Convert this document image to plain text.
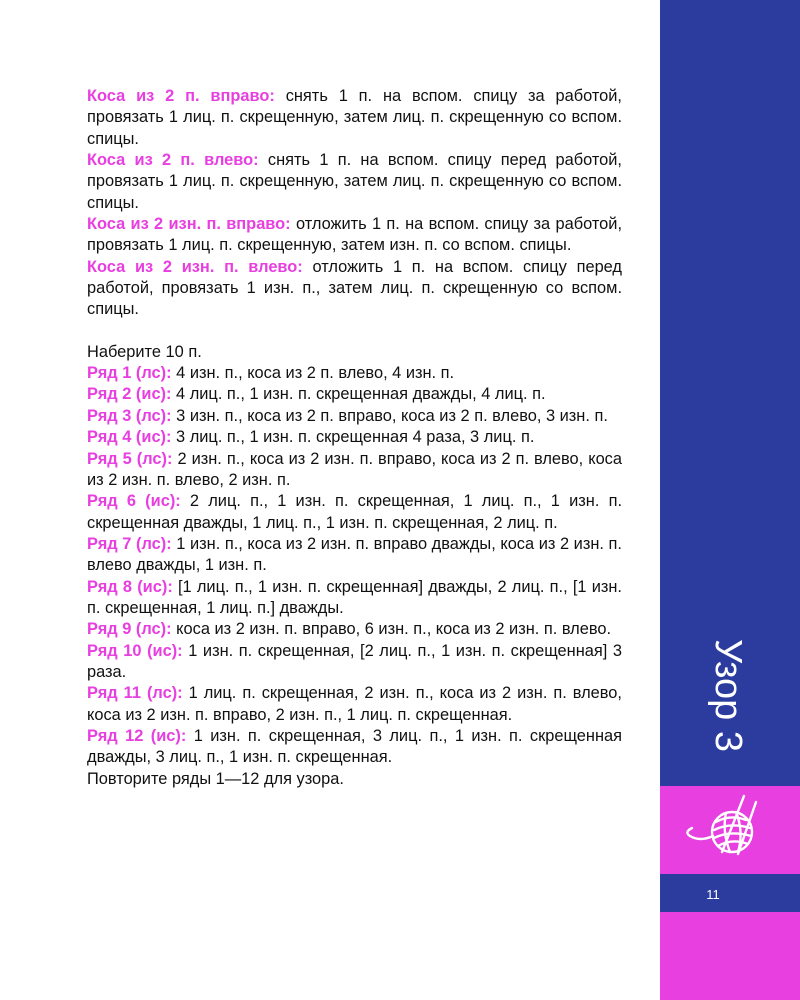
Коса из 2 п. вправо: снять 1 п. на вспом. спицу за работой, провязать 1 лиц. п. скрещенную, затем лиц. п. скрещенную со вспом. спицы.

Коса из 2 п. влево: снять 1 п. на вспом. спицу перед работой, провязать 1 лиц. п. скрещенную, затем лиц. п. скрещенную со вспом. спицы.

Коса из 2 изн. п. вправо: отложить 1 п. на вспом. спицу за работой, провязать 1 лиц. п. скрещенную, затем изн. п. со вспом. спицы.

Коса из 2 изн. п. влево: отложить 1 п. на вспом. спицу перед работой, провязать 1 изн. п., затем лиц. п. скрещенную со вспом. спицы.

Наберите 10 п.

Ряд 1 (лс): 4 изн. п., коса из 2 п. влево, 4 изн. п.

Ряд 2 (ис): 4 лиц. п., 1 изн. п. скрещенная дважды, 4 лиц. п.

Ряд 3 (лс): 3 изн. п., коса из 2 п. вправо, коса из 2 п. влево, 3 изн. п.

Ряд 4 (ис): 3 лиц. п., 1 изн. п. скрещенная 4 раза, 3 лиц. п.

Ряд 5 (лс): 2 изн. п., коса из 2 изн. п. вправо, коса из 2 п. влево, коса из 2 изн. п. влево, 2 изн. п.

Ряд 6 (ис): 2 лиц. п., 1 изн. п. скрещенная, 1 лиц. п., 1 изн. п. скрещенная дважды, 1 лиц. п., 1 изн. п. скрещенная, 2 лиц. п.

Ряд 7 (лс): 1 изн. п., коса из 2 изн. п. вправо дважды, коса из 2 изн. п. влево дважды, 1 изн. п.

Ряд 8 (ис): [1 лиц. п., 1 изн. п. скрещенная] дважды, 2 лиц. п., [1 изн. п. скрещенная, 1 лиц. п.] дважды.

Ряд 9 (лс): коса из 2 изн. п. вправо, 6 изн. п., коса из 2 изн. п. влево.

Ряд 10 (ис): 1 изн. п. скрещенная, [2 лиц. п., 1 изн. п. скрещенная] 3 раза.

Ряд 11 (лс): 1 лиц. п. скрещенная, 2 изн. п., коса из 2 изн. п. влево, коса из 2 изн. п. вправо, 2 изн. п., 1 лиц. п. скрещенная.

Ряд 12 (ис): 1 изн. п. скрещенная, 3 лиц. п., 1 изн. п. скрещенная дважды, 3 лиц. п., 1 изн. п. скрещенная.

Повторите ряды 1—12 для узора.

Узор 3
11
